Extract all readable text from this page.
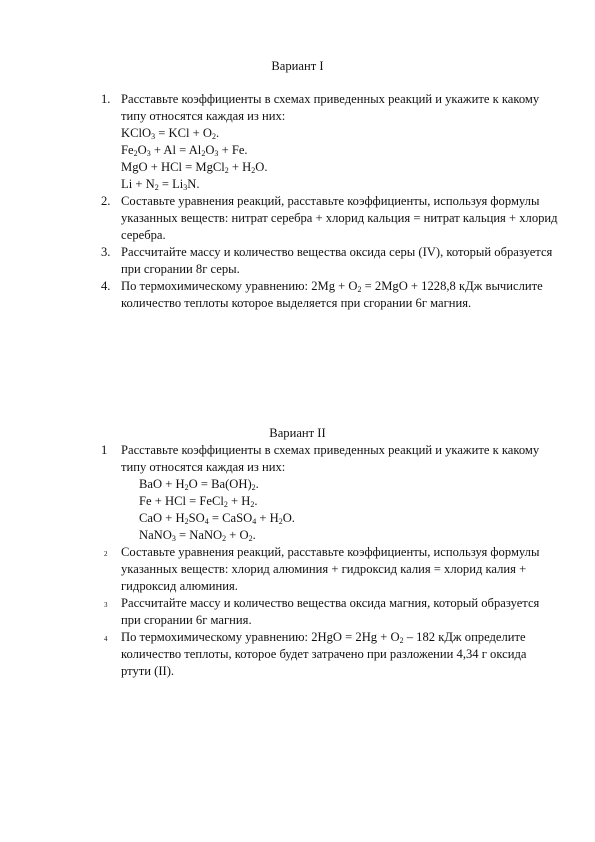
Вариант I
1. Расставьте коэффициенты в схемах приведенных реакций и укажите к какому типу относятся каждая из них:
KClO$_3$ = KCl + $O_2$.
$Fe_2O_3 + Al = Al_2O_3 + Fe$.
MgO + HCl = MgCl$_2$ + $H_2O$.
$Li + N_2 = Li_3N$.
2. Составьте уравнения реакций, расставьте коэффициенты, используя формулы указанных веществ: нитрат серебра + хлорид кальция = нитрат кальция + хлорид серебра.
3. Рассчитайте массу и количество вещества оксида серы (IV), который образуется при сгорании 8г серы.
4. По термохимическому уравнению: $2Mg + O_2 = 2MgO + 1228,8$ кДж вычислите количество теплоты которое выделяется при сгорании 6г магния.
Вариант II
1 Расставьте коэффициенты в схемах приведенных реакций и укажите к какому типу относятся каждая из них:
BaO + $H_2O = Ba(OH)_2$.
Fe + HCl = FeCl$_2$ + $H_2$.
CaO + $H_2SO_4$ = CaSO$_4$ + $H_2O$.
NaNO$_3$ = NaNO$_2$ + $O_2$.
2 Составьте уравнения реакций, расставьте коэффициенты, используя формулы указанных веществ: хлорид алюминия + гидроксид калия = хлорид калия + гидроксид алюминия.
3 Рассчитайте массу и количество вещества оксида магния, который образуется при сгорании 6г магния.
4 По термохимическому уравнению: $2HgO = 2Hg + O_2 - 182$ кДж определите количество теплоты, которое будет затрачено при разложении 4,34 г оксида ртути (II).
